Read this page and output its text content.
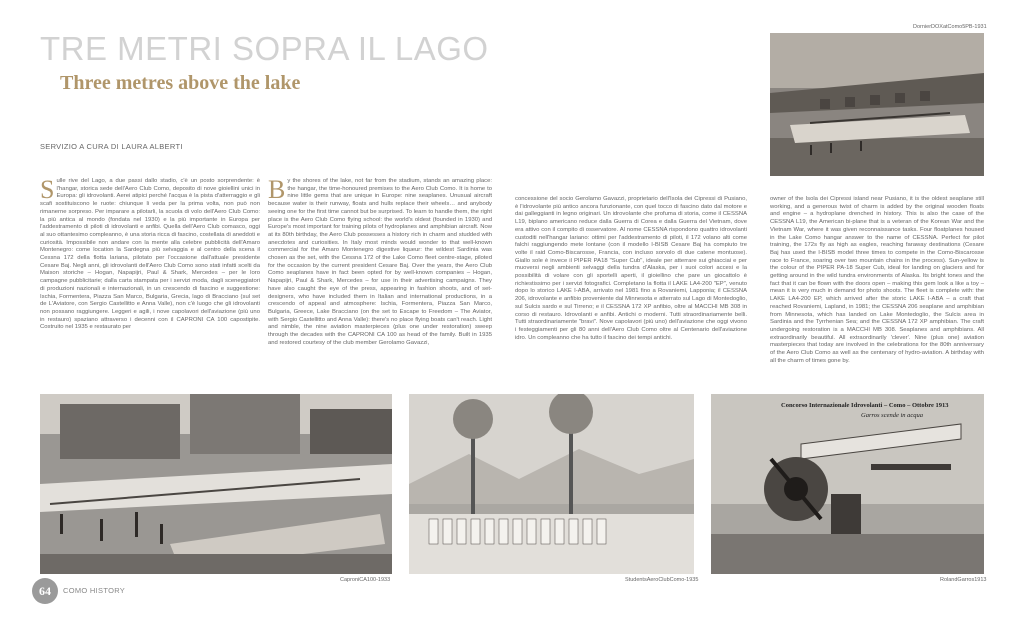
TRE METRI SOPRA IL LAGO
Three metres above the lake
SERVIZIO A CURA DI LAURA ALBERTI
S ulle rive del Lago, a due passi dallo stadio, c'è un posto sorprendente: è l'hangar, storica sede dell'Aero Club Como, deposito di nove gioiellini unici in Europa: gli idrovolanti. Aerei atipici perché l'acqua è la pista d'atterraggio e gli scafi sostituiscono le ruote: chiunque li veda per la prima volta, non può non rimanerne sorpreso. Per imparare a pilotarli, la scuola di volo dell'Aero Club Como: la più antica al mondo (fondata nel 1930) e la più importante in Europa per l'addestramento di piloti di idrovolanti e anfibi. Quella dell'Aero Club comasco, oggi al suo ottantesimo compleanno, è una storia ricca di fascino, costellata di aneddoti e curiosità. Impossibile non andare con la mente alla celebre pubblicità dell'Amaro Montenegro: come location la Sardegna più selvaggia e al centro della scena il Cessna 172 della flotta lariana, pilotato per l'occasione dall'attuale presidente Cesare Baj. Negli anni, gli idrovolanti dell'Aero Club Como sono stati infatti scelti da Maison storiche – Hogan, Napapijri, Paul & Shark, Mercedes – per le loro campagne pubblicitarie; dalla carta stampata per i servizi moda, dagli sceneggiatori di produzioni nazionali e internazionali, in un crescendo di fascino e suggestione: Ischia, Formentera, Piazza San Marco, Bulgaria, Grecia, lago di Bracciano (sul set de L'Aviatore, con Sergio Castellitto e Anna Valle), non c'è luogo che gli idrovolanti non possano raggiungere. Leggeri e agili, i nove capolavori dell'aviazione (più uno in restauro) spaziano attraverso i decenni con il CAPRONI CA 100 capostipite. Costruito nel 1935 e restaurato per
B y the shores of the lake, not far from the stadium, stands an amazing place: the hangar, the time-honoured premises to the Aero Club Como. It is home to nine little gems that are unique in Europe: nine seaplanes. Unusual aircraft because water is their runway, floats and hulls replace their wheels… and anybody seeing one for the first time cannot but be surprised. To learn to handle them, the right place is the Aero Club Como flying school: the world's oldest (founded in 1930) and Europe's most important for training pilots of hydroplanes and amphibian aircraft. Now at its 80th birthday, the Aero Club possesses a history rich in charm and studded with anecdotes and curiosities. In Italy most minds would wonder to that well-known commercial for the Amaro Montenegro digestive liqueur: the wildest Sardinia was chosen as the set, with the Cessna 172 of the Lake Como fleet centre-stage, piloted for the occasion by the current president Cesare Baj. Over the years, the Aero Club Como seaplanes have in fact been opted for by well-known companies – Hogan, Napapijri, Paul & Shark, Mercedes – for use in their advertising campaigns. They have also caught the eye of the press, appearing in fashion shoots, and of set-designers, who have included them in Italian and international productions, in a crescendo of appeal and atmosphere: Ischia, Formentera, Piazza San Marco, Bulgaria, Greece, Lake Bracciano (on the set to Escape to Freedom – The Aviator, with Sergio Castellitto and Anna Valle): there's no place flying boats can't reach. Light and nimble, the nine aviation masterpieces (plus one under restoration) sweep through the decades with the CAPRONI CA 100 as head of the family. Built in 1935 and restored courtesy of the club member Gerolamo Gavazzi,
concessione del socio Gerolamo Gavazzi, proprietario dell'Isola dei Cipressi di Pusiano, è l'idrovolante più antico ancora funzionante, con quel tocco di fascino dato dal motore e dai galleggianti in legno originari. Un idrovolante che profuma di storia, come il CESSNA L19, biplano americano reduce dalla Guerra di Corea e dalla Guerra del Vietnam, dove era attivo con il compito di osservatore. Al nome CESSNA rispondono quattro idrovolanti custoditi nell'hangar lariano: ottimi per l'addestramento di piloti, il 172 volano alti come falchi raggiungendo mete lontane (con il modello I-BISB Cesare Baj ha compiuto tre volte il raid Como-Biscarosse, Francia, con incluso sorvolo di due catene montuose). Giallo sole è invece il PIPER PA18 "Super Cub", ideale per atterrare sui ghiacciai e per muoversi negli ambienti selvaggi della tundra d'Alaska, per i suoi colori accesi e la possibilità di volare con gli sportelli aperti, il gioiellino che pare un giocattolo è richiestissimo per i servizi fotografici. Completano la flotta il LAKE LA4-200 "EP", venuto dopo lo storico LAKE I-ABA, arrivato nel 1981 fino a Rovaniemi, Lapponia; il CESSNA 206, idrovolante e anfibio proveniente dal Minnesota e atterrato sul Lago di Montedoglio, sul Sulcis sardo e sul Tirreno; e il CESSNA 172 XP anfibio, oltre al MACCHI MB 308 in corso di restauro. Idrovolanti e anfibi. Antichi o moderni. Tutti straordinariamente belli. Tutti straordinariamente "bravi". Nove capolavori (più uno) dell'aviazione che oggi vivono i festeggiamenti per gli 80 anni dell'Aero Club Como oltre al Centenario dell'aviazione idro. Un compleanno che ha tutto il fascino dei tempi antichi.
owner of the Isola dei Cipressi island near Pusiano, it is the oldest seaplane still working, and a generous twist of charm is added by the original wooden floats and engine – a hydroplane drenched in history. This is also the case of the CESSNA L19, the American bi-plane that is a veteran of the Korean War and the Vietnam War, where it was given reconnaissance tasks. Four floatplanes housed in the Lake Como hangar answer to the name of CESSNA. Perfect for pilot training, the 172s fly as high as eagles, reaching faraway destinations (Cesare Baj has used the I-BISB model three times to compete in the Como-Biscarosse race to France, soaring over two mountain chains in the process). Sun-yellow is the colour of the PIPER PA-18 Super Cub, ideal for landing on glaciers and for getting around in the wild tundra environments of Alaska. Its bright tones and the fact that it can be flown with the doors open – making this gem look a like a toy – mean it is very much in demand for photo shoots. The fleet is complete with: the LAKE LA4-200 EP, which arrived after the storic LAKE I-ABA – a craft that reached Rovaniemi, Lapland, in 1981; the CESSNA 206 seaplane and amphibian from Minnesota, which has landed on Lake Montedoglio, the Sulcis area in Sardinia and the Tyrrhenian Sea; and the CESSNA 172 XP amphibian. The craft undergoing restoration is a MACCHI MB 308. Seaplanes and amphibians. All extraordinarily beautiful. All extraordinarily 'clever'. Nine (plus one) aviation masterpieces that today are involved in the celebrations for the 80th anniversary of the Aero Club Como as well as the centenary of hydro-aviation. A birthday with all the charm of times gone by.
DornierDOXatComo5PB-1931
CaproniCA100-1933	StudentsAeroClubComo-1935
Concorso Internazionale Idrovolanti – Como – Ottobre 1913
Garros scende in acqua
RolandGarros1913
64	COMO HISTORY
